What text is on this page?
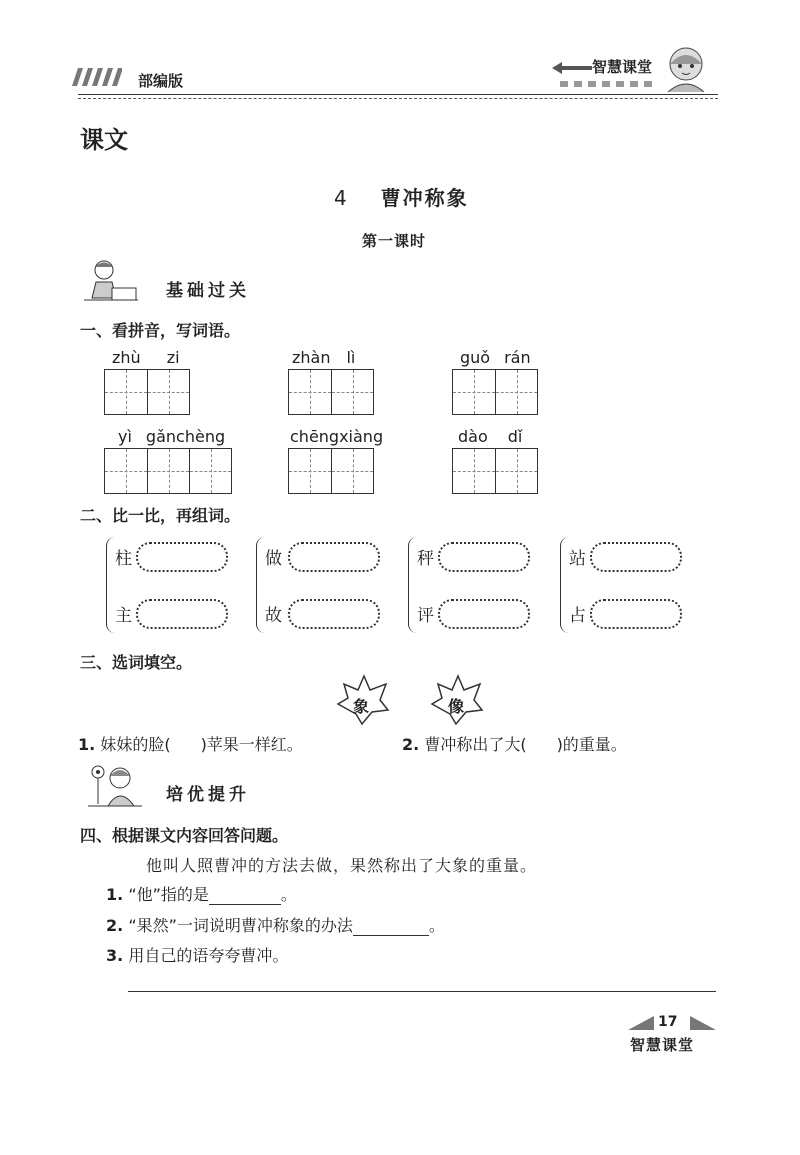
部编版
智慧课堂
课文
4 曹冲称象
第一课时
基础过关
一、看拼音，写词语。
zhù zi	zhàn lì	guǒ rán
yì gǎnchèng	chēngxiàng	dào dǐ
二、比一比，再组词。
柱
主
做
故
秤
评
站
占
三、选词填空。
象	像
1. 妹妹的脸( )苹果一样红。	2. 曹冲称出了大( )的重量。
培优提升
四、根据课文内容回答问题。
他叫人照曹冲的方法去做，果然称出了大象的重量。
1. “他”指的是	。
2. “果然”一词说明曹冲称象的办法	。
3. 用自己的语夸夸曹冲。
17
智慧课堂
